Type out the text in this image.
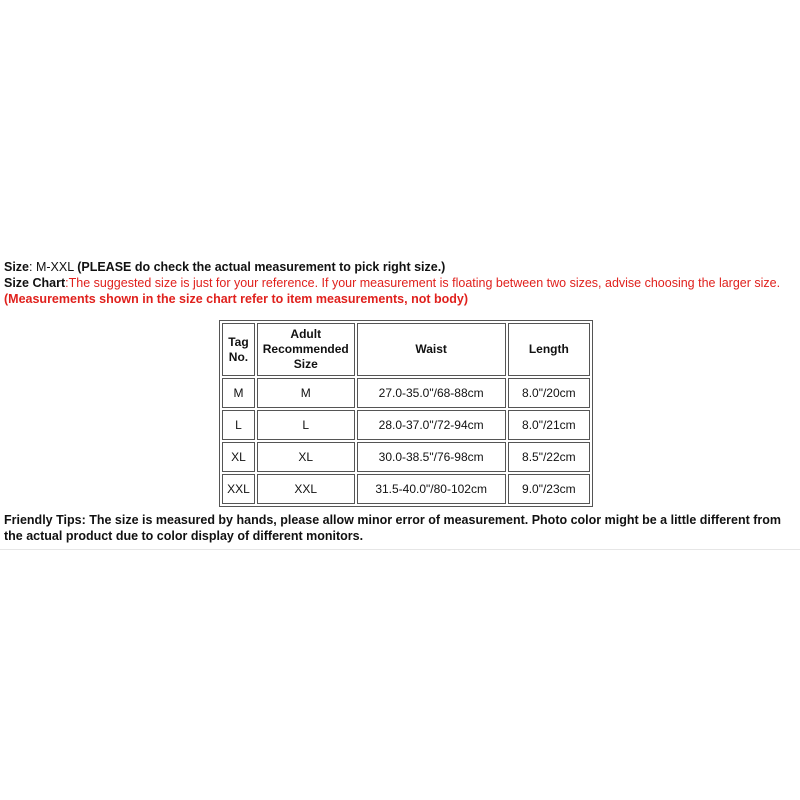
Size: M-XXL (PLEASE do check the actual measurement to pick right size.)
Size Chart:The suggested size is just for your reference. If your measurement is floating between two sizes, advise choosing the larger size. (Measurements shown in the size chart refer to item measurements, not body)
Tag No.	Adult Recommended Size	Waist	Length
M	M	27.0-35.0"/68-88cm	8.0"/20cm
L	L	28.0-37.0"/72-94cm	8.0"/21cm
XL	XL	30.0-38.5"/76-98cm	8.5"/22cm
XXL	XXL	31.5-40.0"/80-102cm	9.0"/23cm
Friendly Tips: The size is measured by hands, please allow minor error of measurement. Photo color might be a little different from the actual product due to color display of different monitors.
